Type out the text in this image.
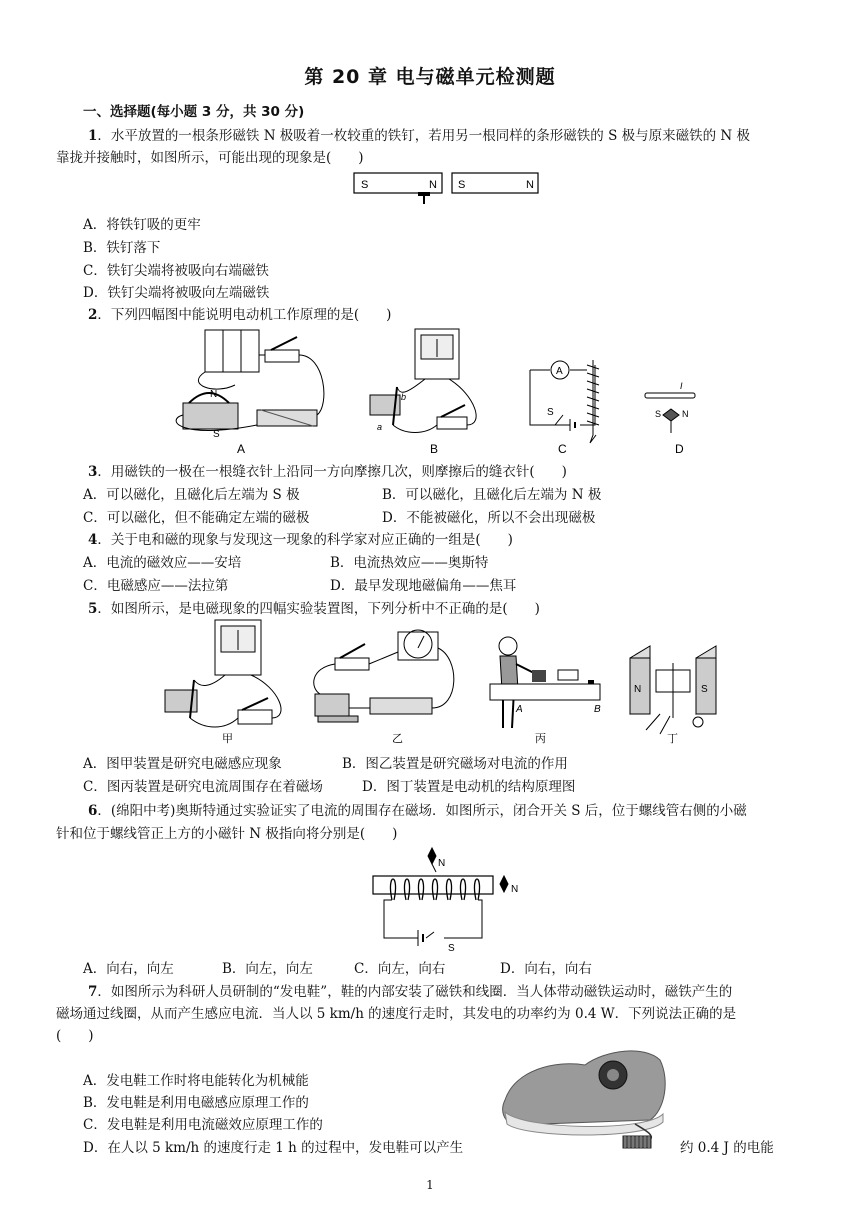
第 20 章 电与磁单元检测题
一、选择题(每小题 3 分，共 30 分)
1．水平放置的一根条形磁铁 N 极吸着一枚较重的铁钉，若用另一根同样的条形磁铁的 S 极与原来磁铁的 N 极
靠拢并接触时，如图所示，可能出现的现象是(　　)
S	N S	N
A．将铁钉吸的更牢
B．铁钉落下
C．铁钉尖端将被吸向右端磁铁
D．铁钉尖端将被吸向左端磁铁
2．下列四幅图中能说明电动机工作原理的是(　　)
N
S
A
b
a
B
A
S
C
I
S N
D
3．用磁铁的一极在一根缝衣针上沿同一方向摩擦几次，则摩擦后的缝衣针(　　)
A．可以磁化，且磁化后左端为 S 极	B．可以磁化，且磁化后左端为 N 极
C．可以磁化，但不能确定左端的磁极	D．不能被磁化，所以不会出现磁极
4．关于电和磁的现象与发现这一现象的科学家对应正确的一组是(　　)
A．电流的磁效应——安培	B．电流热效应——奥斯特
C．电磁感应——法拉第	D．最早发现地磁偏角——焦耳
5．如图所示，是电磁现象的四幅实验装置图，下列分析中不正确的是(　　)
甲	乙
A	B
丙
N	S
丁
A．图甲装置是研究电磁感应现象	B．图乙装置是研究磁场对电流的作用
C．图丙装置是研究电流周围存在着磁场	D．图丁装置是电动机的结构原理图
6．(绵阳中考)奥斯特通过实验证实了电流的周围存在磁场．如图所示，闭合开关 S 后，位于螺线管右侧的小磁
针和位于螺线管正上方的小磁针 N 极指向将分别是(　　)
N
S
N
A．向右，向左	B．向左，向左	C．向左，向右	D．向右，向右
7．如图所示为科研人员研制的“发电鞋”，鞋的内部安装了磁铁和线圈．当人体带动磁铁运动时，磁铁产生的
磁场通过线圈，从而产生感应电流．当人以 5 km/h 的速度行走时，其发电的功率约为 0.4 W．下列说法正确的是
(　　)
A．发电鞋工作时将电能转化为机械能
B．发电鞋是利用电磁感应原理工作的
C．发电鞋是利用电流磁效应原理工作的
D．在人以 5 km/h 的速度行走 1 h 的过程中，发电鞋可以产生	约 0.4 J 的电能
1
